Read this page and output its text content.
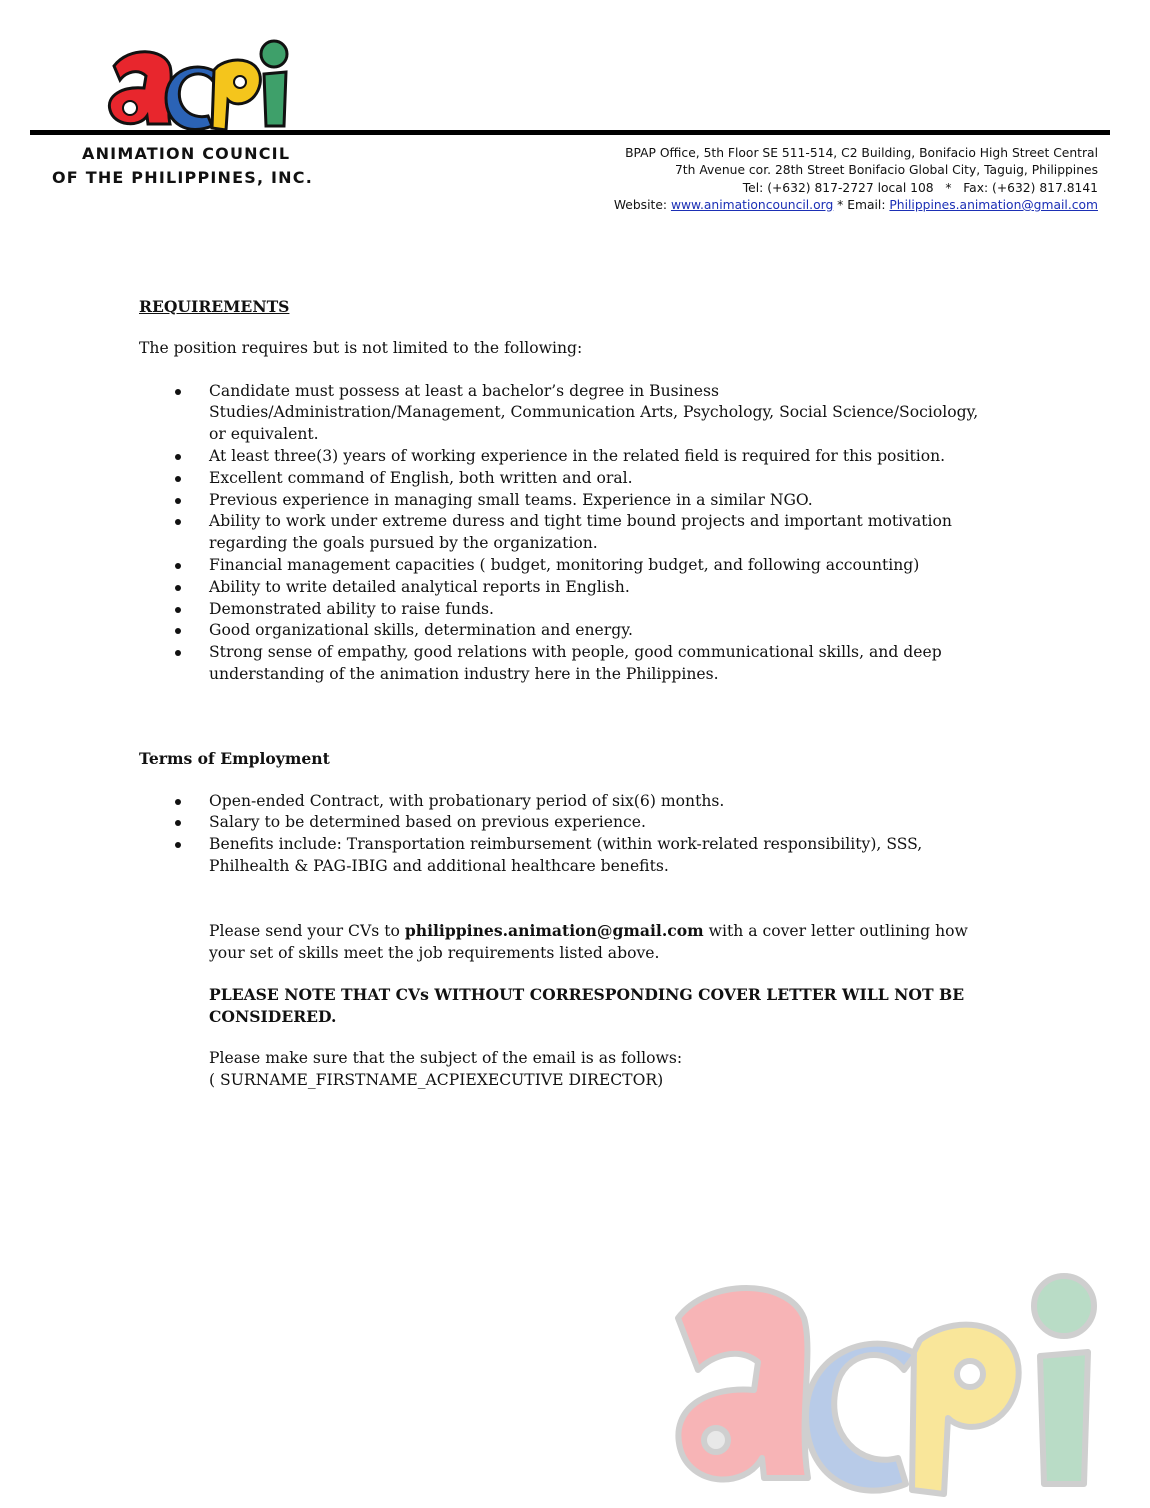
ANIMATION COUNCIL
OF THE PHILIPPINES, INC.
BPAP Office, 5th Floor SE 511-514, C2 Building, Bonifacio High Street Central
7th Avenue cor. 28th Street Bonifacio Global City, Taguig, Philippines
Tel: (+632) 817-2727 local 108   *   Fax: (+632) 817.8141
Website: www.animationcouncil.org * Email: Philippines.animation@gmail.com

REQUIREMENTS

The position requires but is not limited to the following:

Candidate must possess at least a bachelor’s degree in Business Studies/Administration/Management, Communication Arts, Psychology, Social Science/Sociology, or equivalent.
At least three(3) years of working experience in the related field is required for this position.
Excellent command of English, both written and oral.
Previous experience in managing small teams. Experience in a similar NGO.
Ability to work under extreme duress and tight time bound projects and important motivation regarding the goals pursued by the organization.
Financial management capacities ( budget, monitoring budget, and following accounting)
Ability to write detailed analytical reports in English.
Demonstrated ability to raise funds.
Good organizational skills, determination and energy.
Strong sense of empathy, good relations with people, good communicational skills, and deep understanding of the animation industry here in the Philippines.

Terms of Employment

Open-ended Contract, with probationary period of six(6) months.
Salary to be determined based on previous experience.
Benefits include: Transportation reimbursement (within work-related responsibility), SSS, Philhealth & PAG-IBIG and additional healthcare benefits.

Please send your CVs to philippines.animation@gmail.com with a cover letter outlining how your set of skills meet the job requirements listed above.

PLEASE NOTE THAT CVs WITHOUT CORRESPONDING COVER LETTER WILL NOT BE CONSIDERED.

Please make sure that the subject of the email is as follows:

( SURNAME_FIRSTNAME_ACPIEXECUTIVE DIRECTOR)
